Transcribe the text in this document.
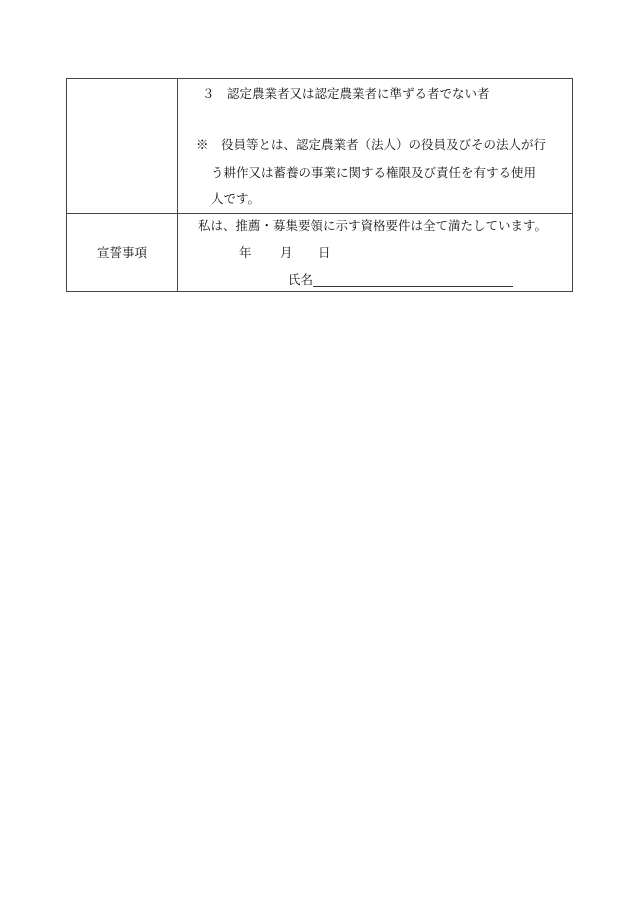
３　認定農業者又は認定農業者に準ずる者でない者
※　役員等とは、認定農業者（法人）の役員及びその法人が行
う耕作又は蓄養の事業に関する権限及び責任を有する使用
人です。
宣誓事項
私は、推薦・募集要領に示す資格要件は全て満たしています。
年 月 日
氏名
